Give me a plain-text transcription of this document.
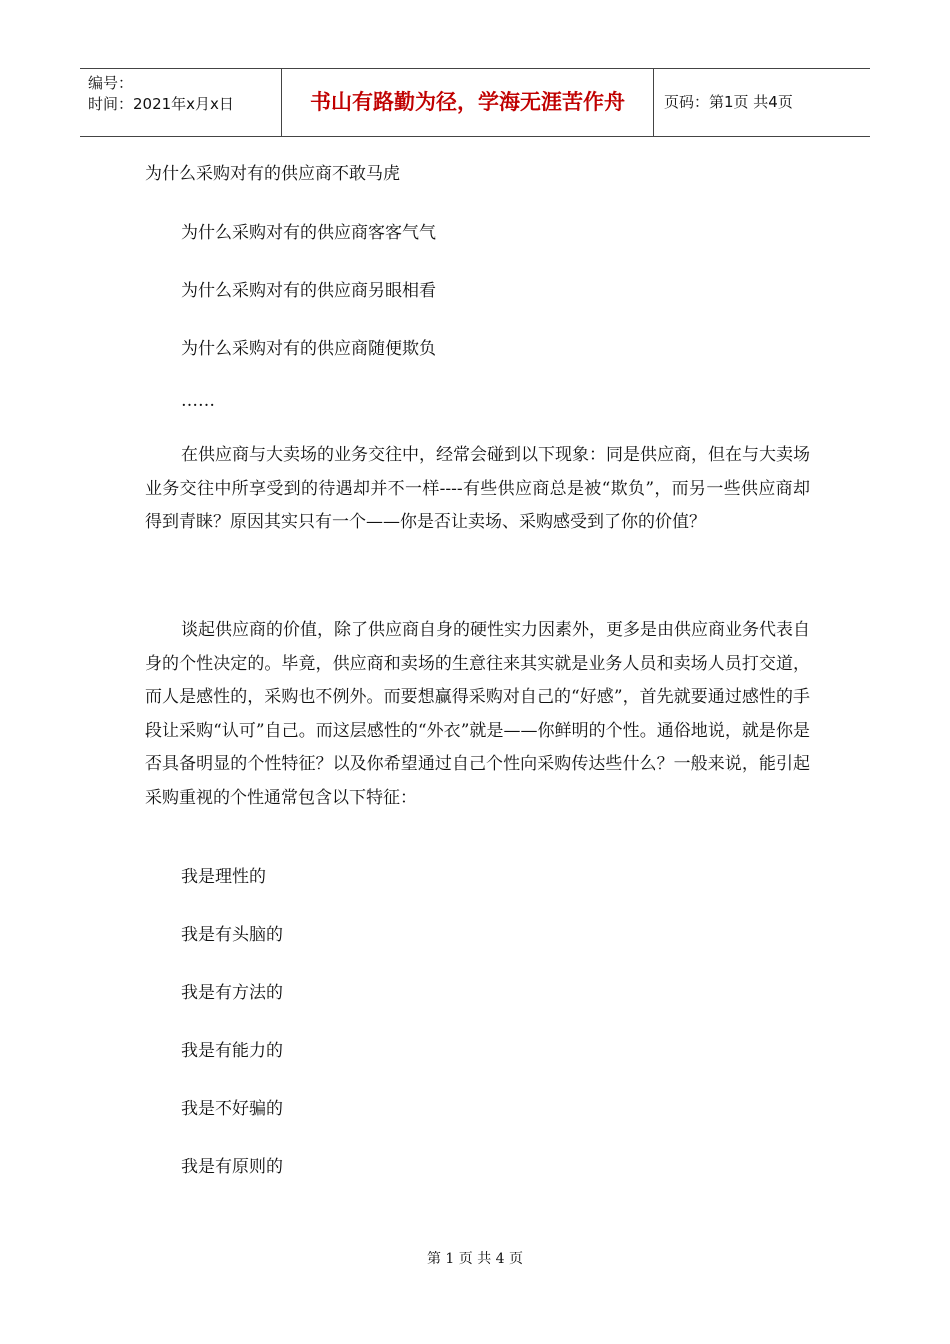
编号：
时间：2021年x月x日	书山有路勤为径，学海无涯苦作舟	页码：第1页 共4页
为什么采购对有的供应商不敢马虎
为什么采购对有的供应商客客气气
为什么采购对有的供应商另眼相看
为什么采购对有的供应商随便欺负
……

在供应商与大卖场的业务交往中，经常会碰到以下现象：同是供应商，但在与大卖场业务交往中所享受到的待遇却并不一样----有些供应商总是被“欺负”，而另一些供应商却得到青睐？原因其实只有一个——你是否让卖场、采购感受到了你的价值？

谈起供应商的价值，除了供应商自身的硬性实力因素外，更多是由供应商业务代表自身的个性决定的。毕竟，供应商和卖场的生意往来其实就是业务人员和卖场人员打交道，而人是感性的，采购也不例外。而要想赢得采购对自己的“好感”，首先就要通过感性的手段让采购“认可”自己。而这层感性的“外衣”就是——你鲜明的个性。通俗地说，就是你是否具备明显的个性特征？以及你希望通过自己个性向采购传达些什么？一般来说，能引起采购重视的个性通常包含以下特征：

我是理性的
我是有头脑的
我是有方法的
我是有能力的
我是不好骗的
我是有原则的
第 1 页 共 4 页
